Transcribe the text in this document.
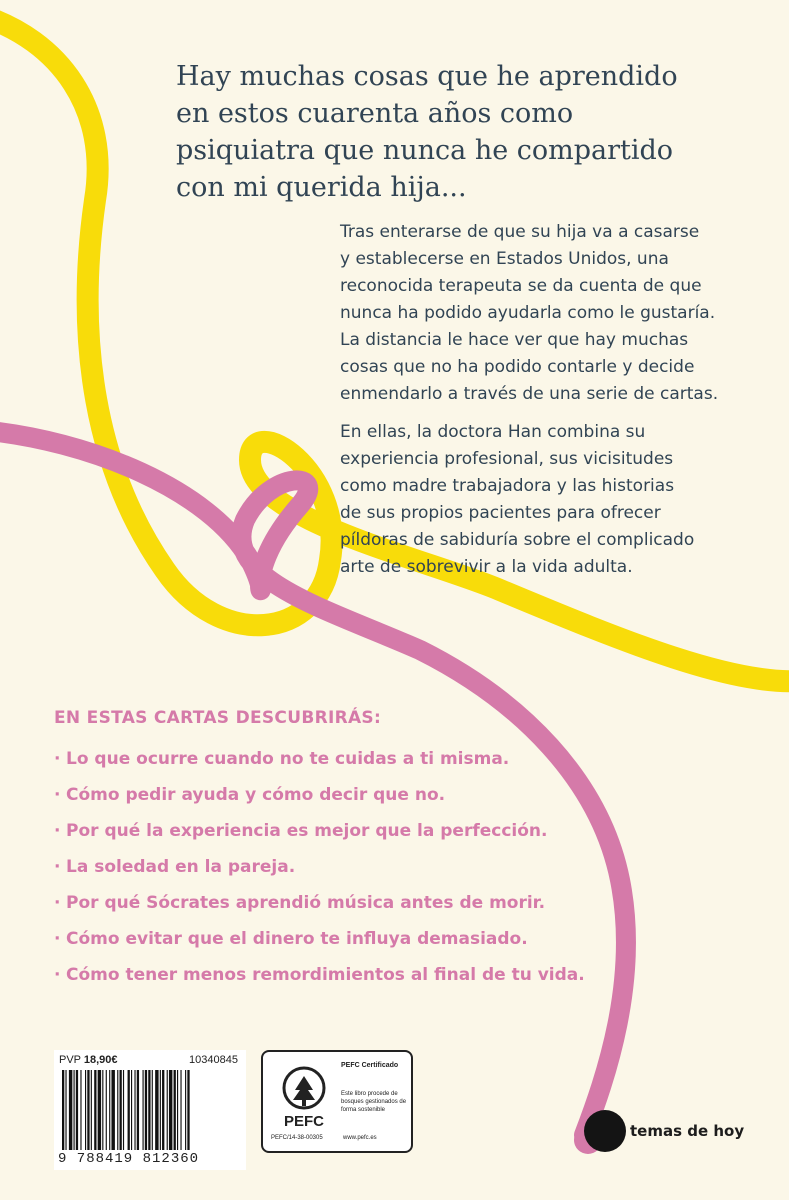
Hay muchas cosas que he aprendido
en estos cuarenta años como
psiquiatra que nunca he compartido
con mi querida hija...

Tras enterarse de que su hija va a casarse
y establecerse en Estados Unidos, una
reconocida terapeuta se da cuenta de que
nunca ha podido ayudarla como le gustaría.
La distancia le hace ver que hay muchas
cosas que no ha podido contarle y decide
enmendarlo a través de una serie de cartas.

En ellas, la doctora Han combina su
experiencia profesional, sus vicisitudes
como madre trabajadora y las historias
de sus propios pacientes para ofrecer
píldoras de sabiduría sobre el complicado
arte de sobrevivir a la vida adulta.

EN ESTAS CARTAS DESCUBRIRÁS:
· Lo que ocurre cuando no te cuidas a ti misma.
· Cómo pedir ayuda y cómo decir que no.
· Por qué la experiencia es mejor que la perfección.
· La soledad en la pareja.
· Por qué Sócrates aprendió música antes de morir.
· Cómo evitar que el dinero te influya demasiado.
· Cómo tener menos remordimientos al final de tu vida.
PVP 18,90€	10340845
9 788419 812360
PEFC
PEFC Certificado
Este libro procede de bosques gestionados de forma sostenible
PEFC/14-38-00305	www.pefc.es	temas de hoy
